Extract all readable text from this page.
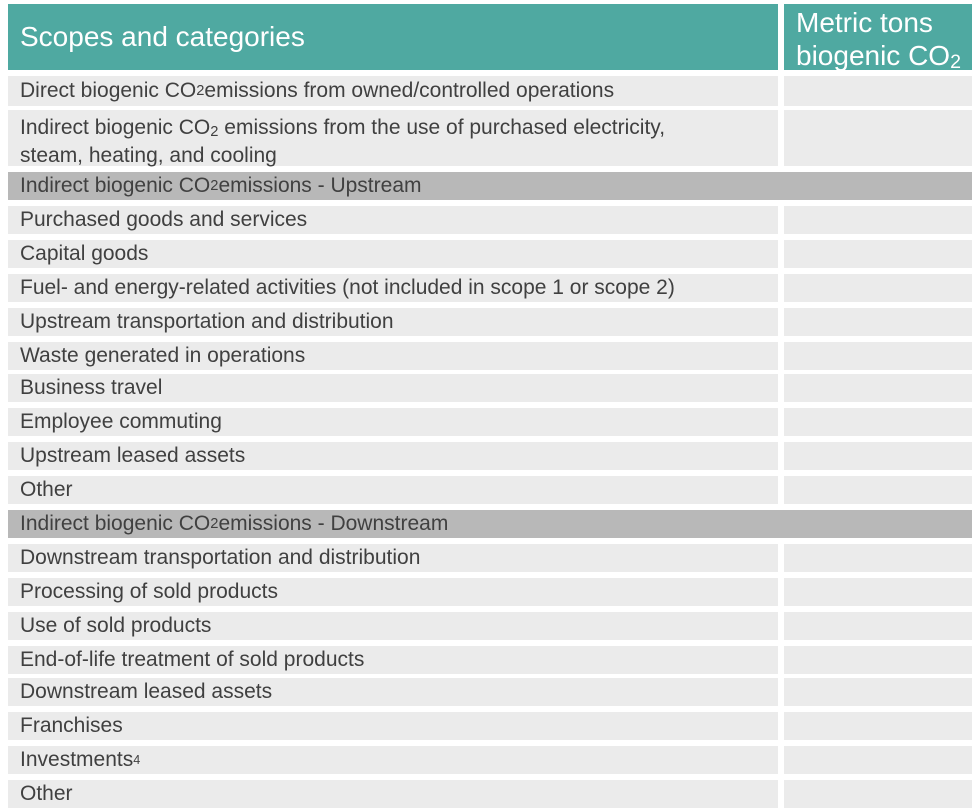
Scopes and categories	Metric tons
biogenic $CO_2$
Direct biogenic CO 2 emissions from owned/controlled operations
Indirect biogenic $CO_2$ emissions from the use of purchased electricity,
steam, heating, and cooling
Indirect biogenic CO 2 emissions - Upstream
Purchased goods and services
Capital goods
Fuel- and energy-related activities (not included in scope 1 or scope 2)
Upstream transportation and distribution
Waste generated in operations
Business travel
Employee commuting
Upstream leased assets
Other
Indirect biogenic CO 2 emissions - Downstream
Downstream transportation and distribution
Processing of sold products
Use of sold products
End-of-life treatment of sold products
Downstream leased assets
Franchises
Investments 4
Other
